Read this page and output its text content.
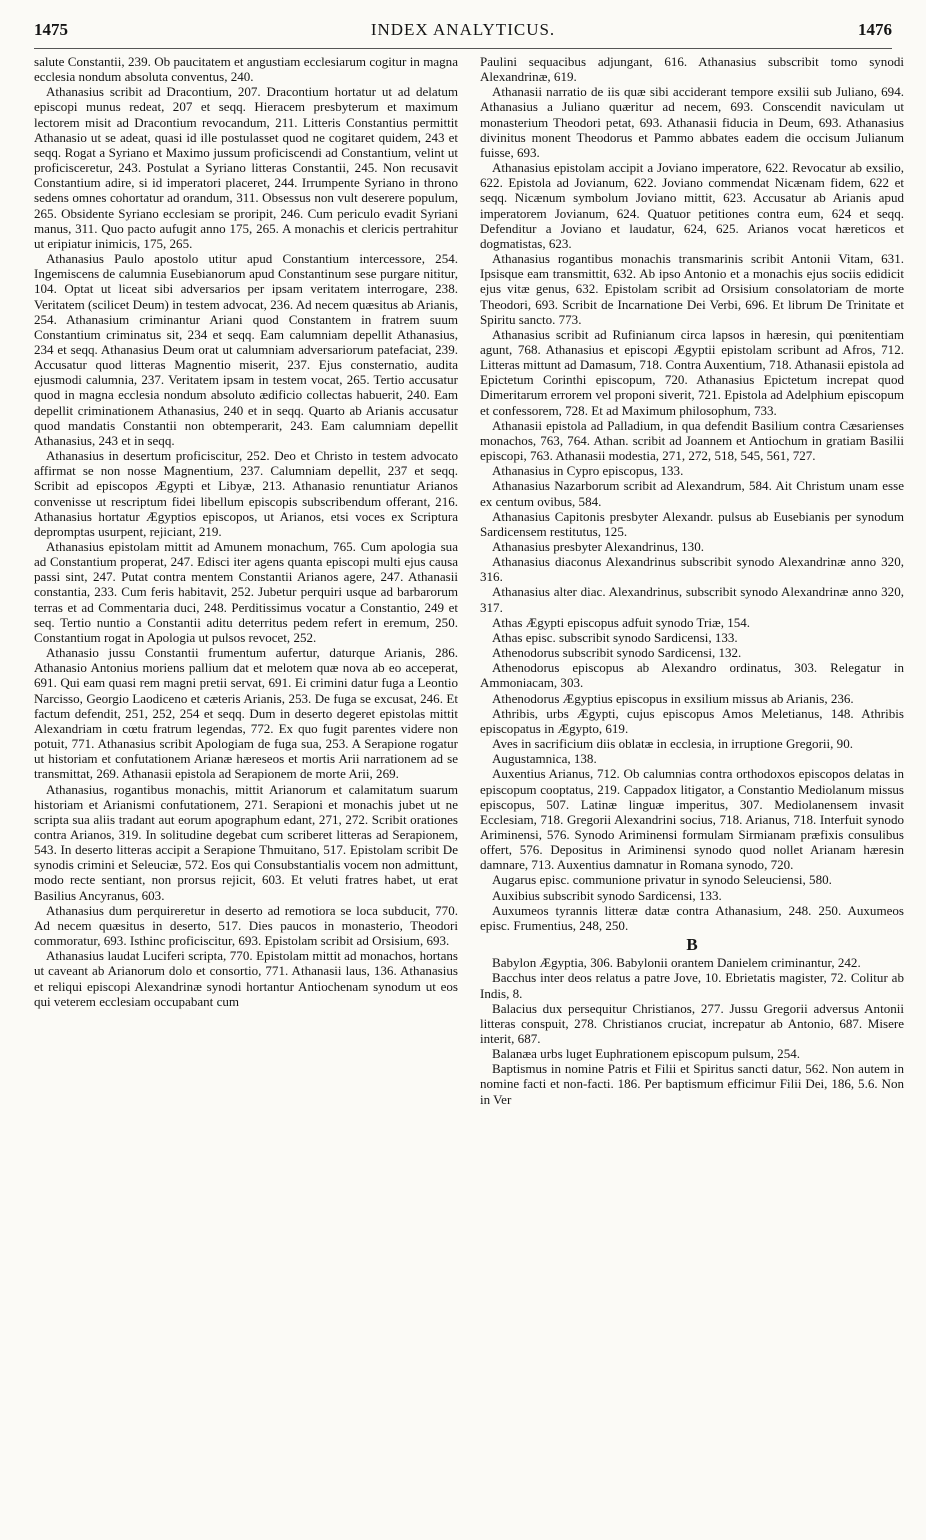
1475	INDEX ANALYTICUS.	1476

salute Constantii, 239. Ob paucitatem et angustiam ecclesiarum cogitur in magna ecclesia nondum absoluta conventus, 240.

Athanasius scribit ad Dracontium, 207. Dracontium hortatur ut ad delatum episcopi munus redeat, 207 et seqq. Hieracem presbyterum et maximum lectorem misit ad Dracontium revocandum, 211. Litteris Constantius permittit Athanasio ut se adeat, quasi id ille postulasset quod ne cogitaret quidem, 243 et seqq. Rogat a Syriano et Maximo jussum proficiscendi ad Constantium, velint ut proficisceretur, 243. Postulat a Syriano litteras Constantii, 245. Non recusavit Constantium adire, si id imperatori placeret, 244. Irrumpente Syriano in throno sedens omnes cohortatur ad orandum, 311. Obsessus non vult deserere populum, 265. Obsidente Syriano ecclesiam se proripit, 246. Cum periculo evadit Syriani manus, 311. Quo pacto aufugit anno 175, 265. A monachis et clericis pertrahitur ut eripiatur inimicis, 175, 265.

Athanasius Paulo apostolo utitur apud Constantium intercessore, 254. Ingemiscens de calumnia Eusebianorum apud Constantinum sese purgare nititur, 104. Optat ut liceat sibi adversarios per ipsam veritatem interrogare, 238. Veritatem (scilicet Deum) in testem advocat, 236. Ad necem quæsitus ab Arianis, 254. Athanasium criminantur Ariani quod Constantem in fratrem suum Constantium criminatus sit, 234 et seqq. Eam calumniam depellit Athanasius, 234 et seqq. Athanasius Deum orat ut calumniam adversariorum patefaciat, 239. Accusatur quod litteras Magnentio miserit, 237. Ejus consternatio, audita ejusmodi calumnia, 237. Veritatem ipsam in testem vocat, 265. Tertio accusatur quod in magna ecclesia nondum absoluto ædificio collectas habuerit, 240. Eam depellit criminationem Athanasius, 240 et in seqq. Quarto ab Arianis accusatur quod mandatis Constantii non obtemperarit, 243. Eam calumniam depellit Athanasius, 243 et in seqq.

Athanasius in desertum proficiscitur, 252. Deo et Christo in testem advocato affirmat se non nosse Magnentium, 237. Calumniam depellit, 237 et seqq. Scribit ad episcopos Ægypti et Libyæ, 213. Athanasio renuntiatur Arianos convenisse ut rescriptum fidei libellum episcopis subscribendum offerant, 216. Athanasius hortatur Ægyptios episcopos, ut Arianos, etsi voces ex Scriptura depromptas usurpent, rejiciant, 219.

Athanasius epistolam mittit ad Amunem monachum, 765. Cum apologia sua ad Constantium properat, 247. Edisci iter agens quanta episcopi multi ejus causa passi sint, 247. Putat contra mentem Constantii Arianos agere, 247. Athanasii constantia, 233. Cum feris habitavit, 252. Jubetur perquiri usque ad barbarorum terras et ad Commentaria duci, 248. Perditissimus vocatur a Constantio, 249 et seq. Tertio nuntio a Constantii aditu deterritus pedem refert in eremum, 250. Constantium rogat in Apologia ut pulsos revocet, 252.

Athanasio jussu Constantii frumentum aufertur, daturque Arianis, 286. Athanasio Antonius moriens pallium dat et melotem quæ nova ab eo acceperat, 691. Qui eam quasi rem magni pretii servat, 691. Ei crimini datur fuga a Leontio Narcisso, Georgio Laodiceno et cæteris Arianis, 253. De fuga se excusat, 246. Et factum defendit, 251, 252, 254 et seqq. Dum in deserto degeret epistolas mittit Alexandriam in cœtu fratrum legendas, 772. Ex quo fugit parentes videre non potuit, 771. Athanasius scribit Apologiam de fuga sua, 253. A Serapione rogatur ut historiam et confutationem Arianæ hæreseos et mortis Arii narrationem ad se transmittat, 269. Athanasii epistola ad Serapionem de morte Arii, 269.

Athanasius, rogantibus monachis, mittit Arianorum et calamitatum suarum historiam et Arianismi confutationem, 271. Serapioni et monachis jubet ut ne scripta sua aliis tradant aut eorum apographum edant, 271, 272. Scribit orationes contra Arianos, 319. In solitudine degebat cum scriberet litteras ad Serapionem, 543. In deserto litteras accipit a Serapione Thmuitano, 517. Epistolam scribit De synodis crimini et Seleuciæ, 572. Eos qui Consubstantialis vocem non admittunt, modo recte sentiant, non prorsus rejicit, 603. Et veluti fratres habet, ut erat Basilius Ancyranus, 603.

Athanasius dum perquireretur in deserto ad remotiora se loca subducit, 770. Ad necem quæsitus in deserto, 517. Dies paucos in monasterio, Theodori commoratur, 693. Isthinc proficiscitur, 693. Epistolam scribit ad Orsisium, 693.

Athanasius laudat Luciferi scripta, 770. Epistolam mittit ad monachos, hortans ut caveant ab Arianorum dolo et consortio, 771. Athanasii laus, 136. Athanasius et reliqui episcopi Alexandrinæ synodi hortantur Antiochenam synodum ut eos qui veterem ecclesiam occupabant cum

Paulini sequacibus adjungant, 616. Athanasius subscribit tomo synodi Alexandrinæ, 619.

Athanasii narratio de iis quæ sibi acciderant tempore exsilii sub Juliano, 694. Athanasius a Juliano quæritur ad necem, 693. Conscendit naviculam ut monasterium Theodori petat, 693. Athanasii fiducia in Deum, 693. Athanasius divinitus monent Theodorus et Pammo abbates eadem die occisum Julianum fuisse, 693.

Athanasius epistolam accipit a Joviano imperatore, 622. Revocatur ab exsilio, 622. Epistola ad Jovianum, 622. Joviano commendat Nicænam fidem, 622 et seqq. Nicænum symbolum Joviano mittit, 623. Accusatur ab Arianis apud imperatorem Jovianum, 624. Quatuor petitiones contra eum, 624 et seqq. Defenditur a Joviano et laudatur, 624, 625. Arianos vocat hæreticos et dogmatistas, 623.

Athanasius rogantibus monachis transmarinis scribit Antonii Vitam, 631. Ipsisque eam transmittit, 632. Ab ipso Antonio et a monachis ejus sociis edidicit ejus vitæ genus, 632. Epistolam scribit ad Orsisium consolatoriam de morte Theodori, 693. Scribit de Incarnatione Dei Verbi, 696. Et librum De Trinitate et Spiritu sancto. 773.

Athanasius scribit ad Rufinianum circa lapsos in hæresin, qui pœnitentiam agunt, 768. Athanasius et episcopi Ægyptii epistolam scribunt ad Afros, 712. Litteras mittunt ad Damasum, 718. Contra Auxentium, 718. Athanasii epistola ad Epictetum Corinthi episcopum, 720. Athanasius Epictetum increpat quod Dimeritarum errorem vel proponi siverit, 721. Epistola ad Adelphium episcopum et confessorem, 728. Et ad Maximum philosophum, 733.

Athanasii epistola ad Palladium, in qua defendit Basilium contra Cæsarienses monachos, 763, 764. Athan. scribit ad Joannem et Antiochum in gratiam Basilii episcopi, 763. Athanasii modestia, 271, 272, 518, 545, 561, 727.

Athanasius in Cypro episcopus, 133.

Athanasius Nazarborum scribit ad Alexandrum, 584. Ait Christum unam esse ex centum ovibus, 584.

Athanasius Capitonis presbyter Alexandr. pulsus ab Eusebianis per synodum Sardicensem restitutus, 125.

Athanasius presbyter Alexandrinus, 130.

Athanasius diaconus Alexandrinus subscribit synodo Alexandrinæ anno 320, 316.

Athanasius alter diac. Alexandrinus, subscribit synodo Alexandrinæ anno 320, 317.

Athas Ægypti episcopus adfuit synodo Triæ, 154.

Athas episc. subscribit synodo Sardicensi, 133.

Athenodorus subscribit synodo Sardicensi, 132.

Athenodorus episcopus ab Alexandro ordinatus, 303. Relegatur in Ammoniacam, 303.

Athenodorus Ægyptius episcopus in exsilium missus ab Arianis, 236.

Athribis, urbs Ægypti, cujus episcopus Amos Meletianus, 148. Athribis episcopatus in Ægypto, 619.

Aves in sacrificium diis oblatæ in ecclesia, in irruptione Gregorii, 90.

Augustamnica, 138.

Auxentius Arianus, 712. Ob calumnias contra orthodoxos episcopos delatas in episcopum cooptatus, 219. Cappadox litigator, a Constantio Mediolanum missus episcopus, 507. Latinæ linguæ imperitus, 307. Mediolanensem invasit Ecclesiam, 718. Gregorii Alexandrini socius, 718. Arianus, 718. Interfuit synodo Ariminensi, 576. Synodo Ariminensi formulam Sirmianam præfixis consulibus offert, 576. Depositus in Ariminensi synodo quod nollet Arianam hæresin damnare, 713. Auxentius damnatur in Romana synodo, 720.

Augarus episc. communione privatur in synodo Seleuciensi, 580.

Auxibius subscribit synodo Sardicensi, 133.

Auxumeos tyrannis litteræ datæ contra Athanasium, 248. 250. Auxumeos episc. Frumentius, 248, 250.

B

Babylon Ægyptia, 306. Babylonii orantem Danielem criminantur, 242.

Bacchus inter deos relatus a patre Jove, 10. Ebrietatis magister, 72. Colitur ab Indis, 8.

Balacius dux persequitur Christianos, 277. Jussu Gregorii adversus Antonii litteras conspuit, 278. Christianos cruciat, increpatur ab Antonio, 687. Misere interit, 687.

Balanæa urbs luget Euphrationem episcopum pulsum, 254.

Baptismus in nomine Patris et Filii et Spiritus sancti datur, 562. Non autem in nomine facti et non-facti. 186. Per baptismum efficimur Filii Dei, 186, 5.6. Non in Ver
